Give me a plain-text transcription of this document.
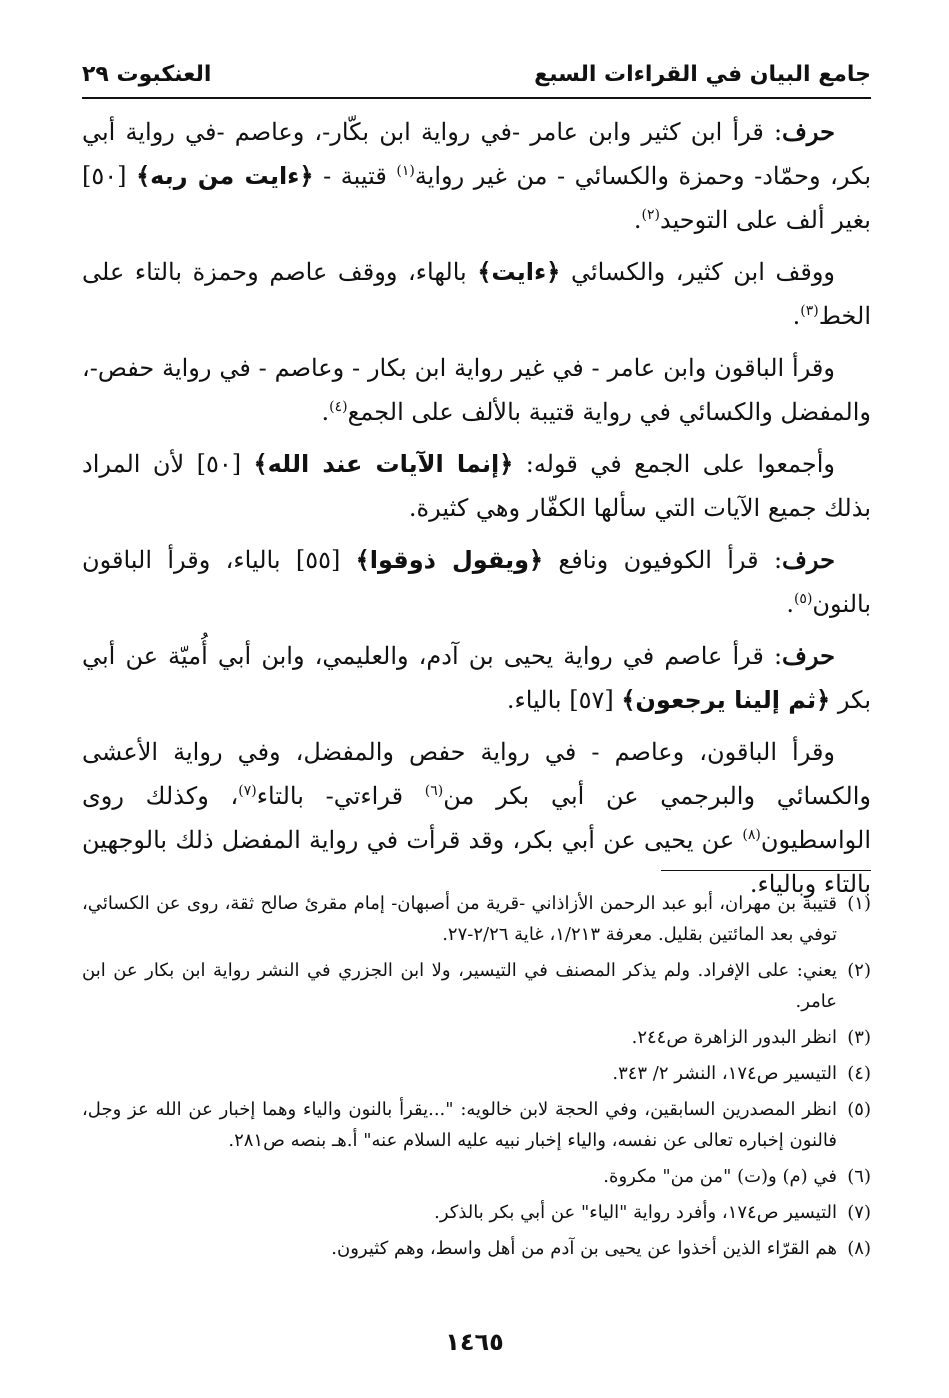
جامع البيان في القراءات السبع
العنكبوت ٢٩

حرف: قرأ ابن كثير وابن عامر -في رواية ابن بكّار-، وعاصم -في رواية أبي بكر، وحمّاد- وحمزة والكسائي - من غير رواية$^{(١)}$ قتيبة - ﴿ءايت من ربه﴾ [٥٠] بغير ألف على التوحيد$^{(٢)}$.

ووقف ابن كثير، والكسائي ﴿ءايت﴾ بالهاء، ووقف عاصم وحمزة بالتاء على الخط$^{(٣)}$.

وقرأ الباقون وابن عامر - في غير رواية ابن بكار - وعاصم - في رواية حفص-، والمفضل والكسائي في رواية قتيبة بالألف على الجمع$^{(٤)}$.

وأجمعوا على الجمع في قوله: ﴿إنما الآيات عند الله﴾ [٥٠] لأن المراد بذلك جميع الآيات التي سألها الكفّار وهي كثيرة.

حرف: قرأ الكوفيون ونافع ﴿ويقول ذوقوا﴾ [٥٥] بالياء، وقرأ الباقون بالنون$^{(٥)}$.

حرف: قرأ عاصم في رواية يحيى بن آدم، والعليمي، وابن أبي أُميّة عن أبي بكر ﴿ثم إلينا يرجعون﴾ [٥٧] بالياء.

وقرأ الباقون، وعاصم - في رواية حفص والمفضل، وفي رواية الأعشى والكسائي والبرجمي عن أبي بكر من$^{(٦)}$ قراءتي- بالتاء$^{(٧)}$، وكذلك روى الواسطيون$^{(٨)}$ عن يحيى عن أبي بكر، وقد قرأت في رواية المفضل ذلك بالوجهين بالتاء وبالياء.

(١)
قتيبة بن مهران، أبو عبد الرحمن الأزاذاني -قرية من أصبهان- إمام مقرئ صالح ثقة، روى عن الكسائي، توفي بعد المائتين بقليل. معرفة ١/٢١٣، غاية ٢/٢٦-٢٧.
(٢)
يعني: على الإفراد. ولم يذكر المصنف في التيسير، ولا ابن الجزري في النشر رواية ابن بكار عن ابن عامر.
(٣)
انظر البدور الزاهرة ص٢٤٤.
(٤)
التيسير ص١٧٤، النشر ٢/ ٣٤٣.
(٥)
انظر المصدرين السابقين، وفي الحجة لابن خالويه: "...يقرأ بالنون والياء وهما إخبار عن الله عز وجل، فالنون إخباره تعالى عن نفسه، والياء إخبار نبيه عليه السلام عنه" أ.هـ بنصه ص٢٨١.
(٦)
في (م) و(ت) "من من" مكروة.
(٧)
التيسير ص١٧٤، وأفرد رواية "الياء" عن أبي بكر بالذكر.
(٨)
هم القرّاء الذين أخذوا عن يحيى بن آدم من أهل واسط، وهم كثيرون.
١٤٦٥
